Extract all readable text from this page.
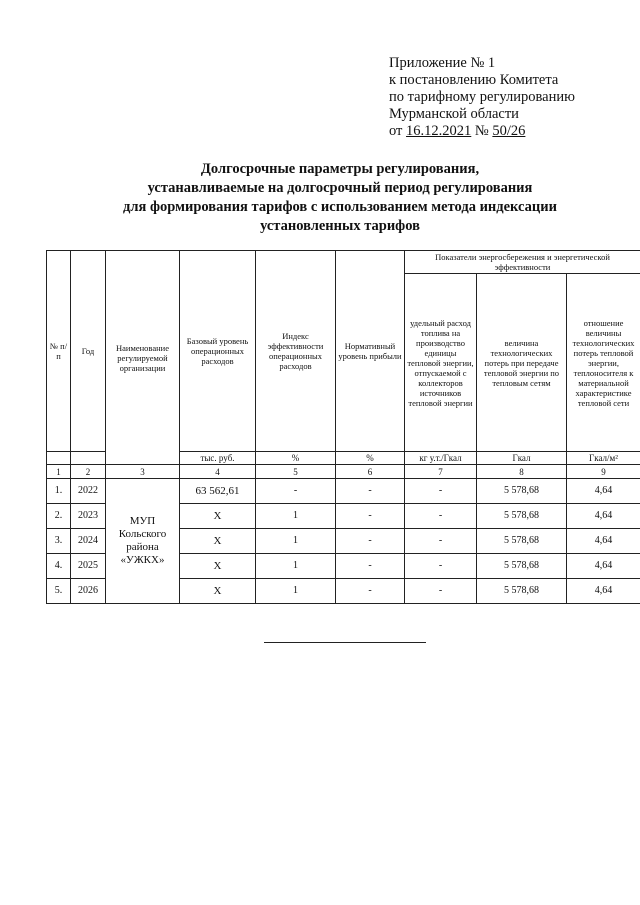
Приложение № 1
к постановлению Комитета
по тарифному регулированию
Мурманской области
от 16.12.2021 № 50/26
Долгосрочные параметры регулирования,
устанавливаемые на долгосрочный период регулирования
для формирования тарифов с использованием метода индексации
установленных тарифов
№ п/п	Год	Наименование регулируемой организации	Базовый уровень операционных расходов	Индекс эффективности операционных расходов	Нормативный уровень прибыли	Показатели энергосбережения и энергетической эффективности		
						удельный расход топлива на производство единицы тепловой энергии, отпускаемой с коллекторов источников тепловой энергии	величина технологических потерь при передаче тепловой энергии по тепловым сетям	отношение величины технологических потерь тепловой энергии, теплоносителя к материальной характеристике тепловой сети
			тыс. руб.	%	%	кг у.т./Гкал	Гкал	Гкал/м²
1	2	3	4	5	6	7	8	9
1.	2022	МУП Кольского района «УЖКХ»	63 562,61	-	-	-	5 578,68	4,64
2.	2023		X	1	-	-	5 578,68	4,64
3.	2024		X	1	-	-	5 578,68	4,64
4.	2025		X	1	-	-	5 578,68	4,64
5.	2026		X	1	-	-	5 578,68	4,64
